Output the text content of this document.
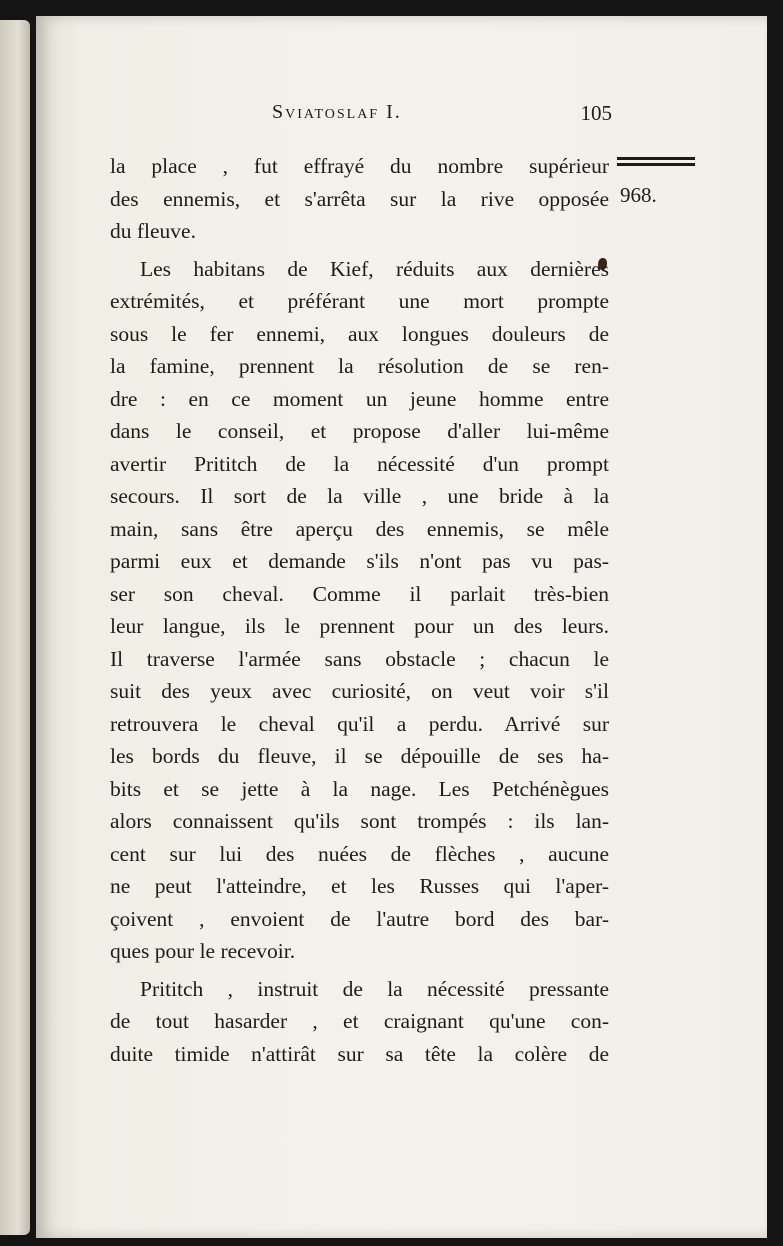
Sviatoslaf I.	105
968.
la place , fut effrayé du nombre supérieur
des ennemis, et s'arrêta sur la rive opposée
du fleuve.
Les habitans de Kief, réduits aux dernières
extrémités, et préférant une mort prompte
sous le fer ennemi, aux longues douleurs de
la famine, prennent la résolution de se ren-
dre : en ce moment un jeune homme entre
dans le conseil, et propose d'aller lui-même
avertir Prititch de la nécessité d'un prompt
secours. Il sort de la ville , une bride à la
main, sans être aperçu des ennemis, se mêle
parmi eux et demande s'ils n'ont pas vu pas-
ser son cheval. Comme il parlait très-bien
leur langue, ils le prennent pour un des leurs.
Il traverse l'armée sans obstacle ; chacun le
suit des yeux avec curiosité, on veut voir s'il
retrouvera le cheval qu'il a perdu. Arrivé sur
les bords du fleuve, il se dépouille de ses ha-
bits et se jette à la nage. Les Petchénègues
alors connaissent qu'ils sont trompés : ils lan-
cent sur lui des nuées de flèches , aucune
ne peut l'atteindre, et les Russes qui l'aper-
çoivent , envoient de l'autre bord des bar-
ques pour le recevoir.
Prititch , instruit de la nécessité pressante
de tout hasarder , et craignant qu'une con-
duite timide n'attirât sur sa tête la colère de
